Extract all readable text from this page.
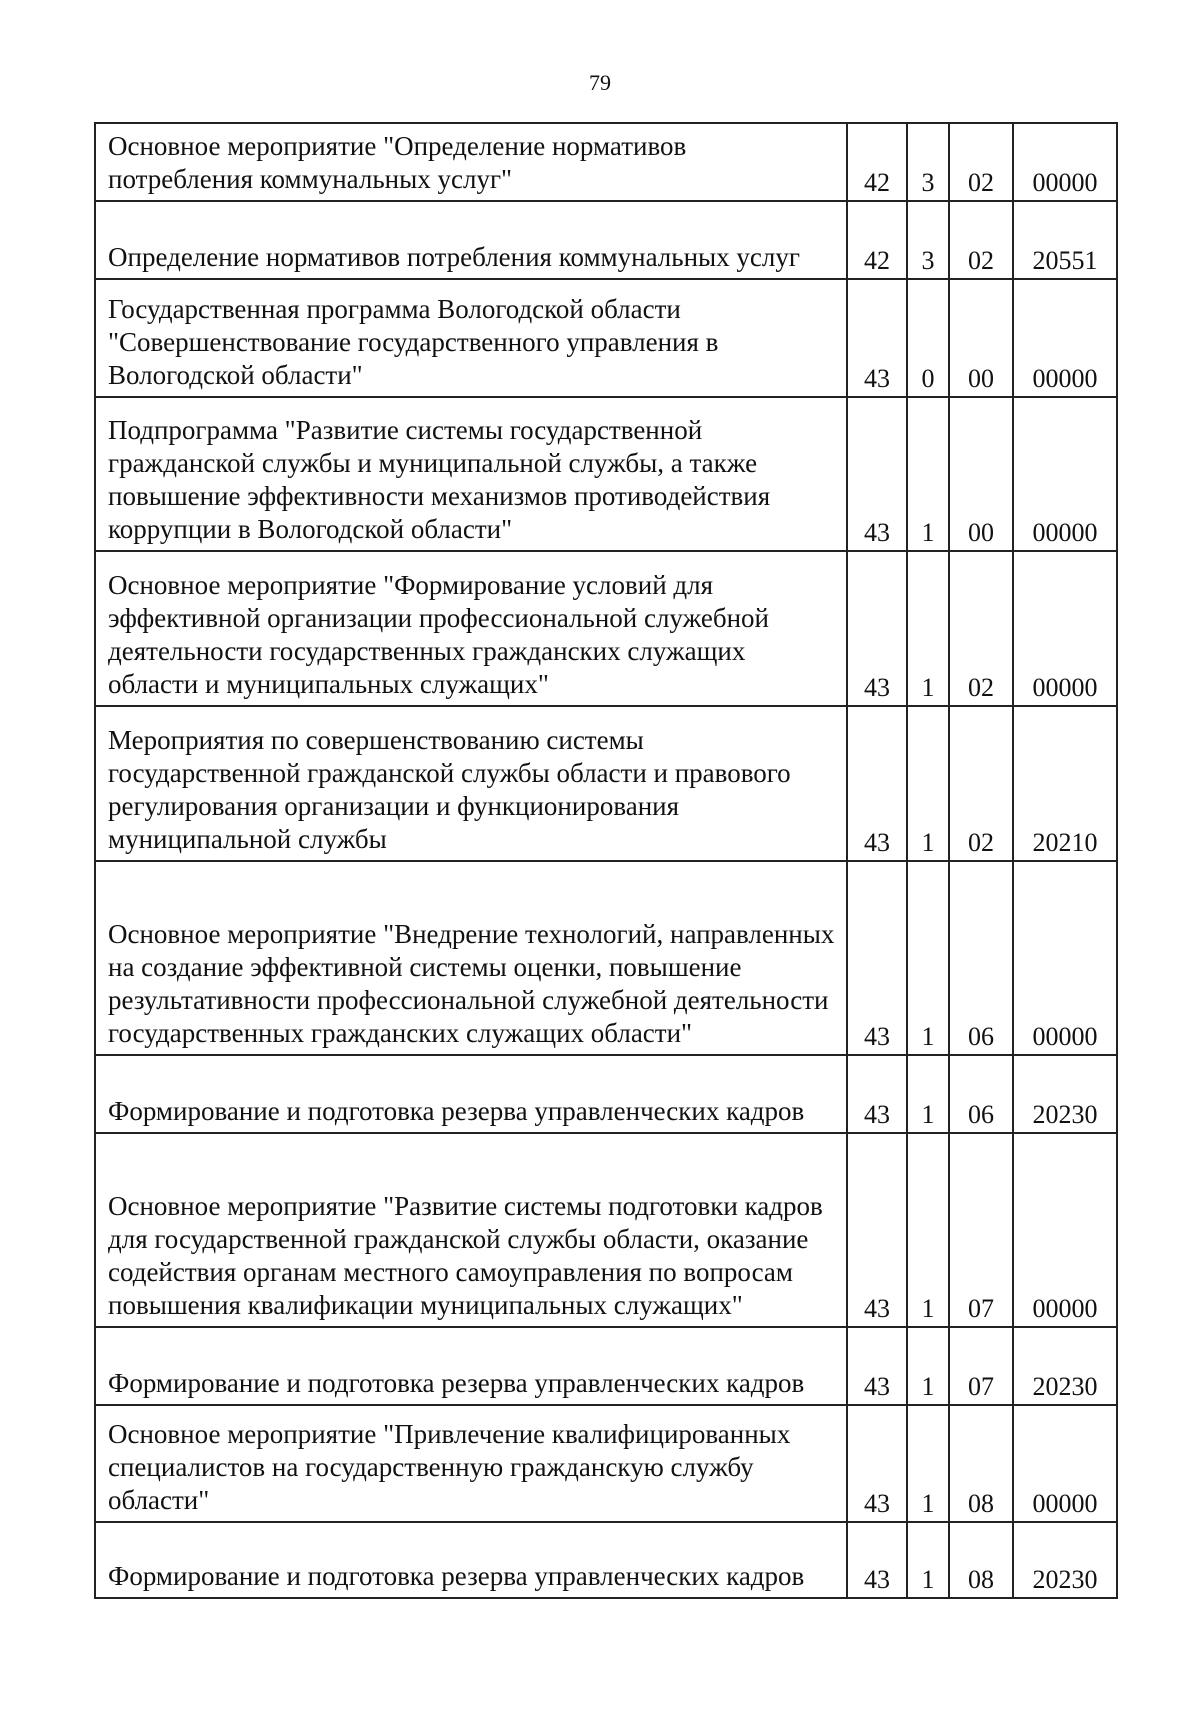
79
Основное мероприятие "Определение нормативов потребления коммунальных услуг"	42	3	02	00000
Определение нормативов потребления коммунальных услуг	42	3	02	20551
Государственная программа Вологодской области "Совершенствование государственного управления в Вологодской области"	43	0	00	00000
Подпрограмма "Развитие системы государственной гражданской службы и муниципальной службы, а также повышение эффективности механизмов противодействия коррупции в Вологодской области"	43	1	00	00000
Основное мероприятие "Формирование условий для эффективной организации профессиональной служебной деятельности государственных гражданских служащих области и муниципальных служащих"	43	1	02	00000
Мероприятия по совершенствованию системы государственной гражданской службы области и правового регулирования организации и функционирования муниципальной службы	43	1	02	20210
Основное мероприятие "Внедрение технологий, направленных на создание эффективной системы оценки, повышение результативности профессиональной служебной деятельности государственных гражданских служащих области"	43	1	06	00000
Формирование и подготовка резерва управленческих кадров	43	1	06	20230
Основное мероприятие "Развитие системы подготовки кадров для государственной гражданской службы области, оказание содействия органам местного самоуправления по вопросам повышения квалификации муниципальных служащих"	43	1	07	00000
Формирование и подготовка резерва управленческих кадров	43	1	07	20230
Основное мероприятие "Привлечение квалифицированных специалистов на государственную гражданскую службу области"	43	1	08	00000
Формирование и подготовка резерва управленческих кадров	43	1	08	20230
